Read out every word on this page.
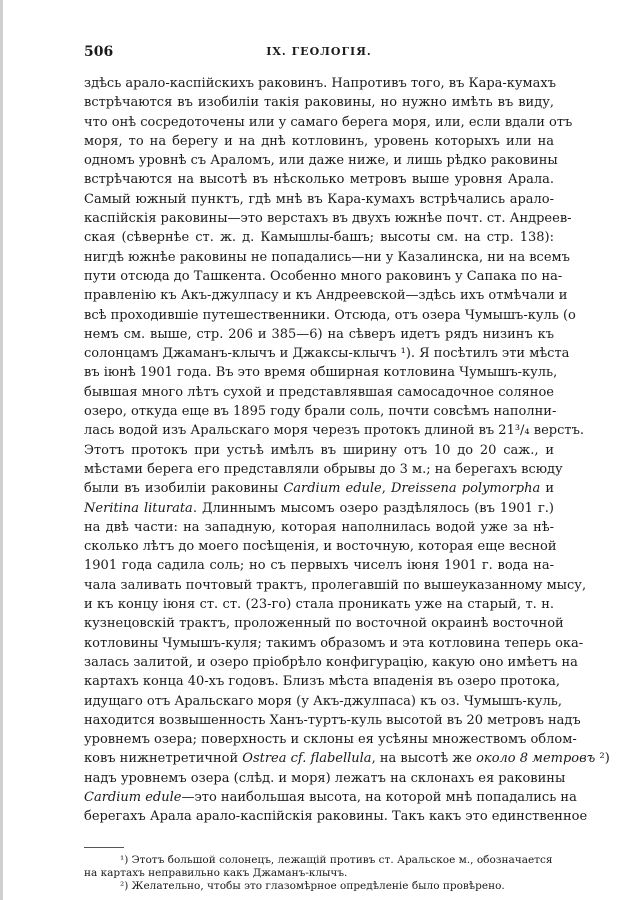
506	IX. ГЕОЛОГІЯ.
здѣсь арало-каспійскихъ раковинъ. Напротивъ того, въ Кара-кумахъ
встрѣчаются въ изобиліи такія раковины, но нужно имѣть въ виду,
что онѣ сосредоточены или у самаго берега моря, или, если вдали отъ
моря, то на берегу и на днѣ котловинъ, уровень которыхъ или на
одномъ уровнѣ съ Араломъ, или даже ниже, и лишь рѣдко раковины
встрѣчаются на высотѣ въ нѣсколько метровъ выше уровня Арала.
Самый южный пунктъ, гдѣ мнѣ въ Кара-кумахъ встрѣчались арало-
каспійскія раковины—это верстахъ въ двухъ южнѣе почт. ст. Андреев-
ская (сѣвернѣе ст. ж. д. Камышлы-башъ; высоты см. на стр. 138):
нигдѣ южнѣе раковины не попадались—ни у Казалинска, ни на всемъ
пути отсюда до Ташкента. Особенно много раковинъ у Сапака по на-
правленію къ Акъ-джулпасу и къ Андреевской—здѣсь ихъ отмѣчали и
всѣ проходившіе путешественники. Отсюда, отъ озера Чумышъ-куль (о
немъ см. выше, стр. 206 и 385—6) на сѣверъ идетъ рядъ низинъ къ
солонцамъ Джаманъ-клычъ и Джаксы-клычъ ¹). Я посѣтилъ эти мѣста
въ іюнѣ 1901 года. Въ это время обширная котловина Чумышъ-куль,
бывшая много лѣтъ сухой и представлявшая самосадочное соляное
озеро, откуда еще въ 1895 году брали соль, почти совсѣмъ наполни-
лась водой изъ Аральскаго моря черезъ протокъ длиной въ 21³/₄ верстъ.
Этотъ протокъ при устьѣ имѣлъ въ ширину отъ 10 до 20 саж., и
мѣстами берега его представляли обрывы до 3 м.; на берегахъ всюду
были въ изобиліи раковины Cardium edule, Dreissena polymorpha и
Neritina liturata. Длиннымъ мысомъ озеро раздѣлялось (въ 1901 г.)
на двѣ части: на западную, которая наполнилась водой уже за нѣ-
сколько лѣтъ до моего посѣщенія, и восточную, которая еще весной
1901 года садила соль; но съ первыхъ чиселъ іюня 1901 г. вода на-
чала заливать почтовый трактъ, пролегавшій по вышеуказанному мысу,
и къ концу іюня ст. ст. (23-го) стала проникать уже на старый, т. н.
кузнецовскій трактъ, проложенный по восточной окраинѣ восточной
котловины Чумышъ-куля; такимъ образомъ и эта котловина теперь ока-
залась залитой, и озеро пріобрѣло конфигурацію, какую оно имѣетъ на
картахъ конца 40-хъ годовъ. Близъ мѣста впаденія въ озеро протока,
идущаго отъ Аральскаго моря (у Акъ-джулпаса) къ оз. Чумышъ-куль,
находится возвышенность Ханъ-туртъ-куль высотой въ 20 метровъ надъ
уровнемъ озера; поверхность и склоны ея усѣяны множествомъ облом-
ковъ нижнетретичной Ostrea cf. flabellula, на высотѣ же около 8 метровъ ²)
надъ уровнемъ озера (слѣд. и моря) лежатъ на склонахъ ея раковины
Cardium edule—это наибольшая высота, на которой мнѣ попадались на
берегахъ Арала арало-каспійскія раковины. Такъ какъ это единственное
¹) Этотъ большой солонецъ, лежащій противъ ст. Аральское м., обозначается
на картахъ неправильно какъ Джаманъ-клычъ.
²) Желательно, чтобы это глазомѣрное опредѣленіе было провѣрено.
